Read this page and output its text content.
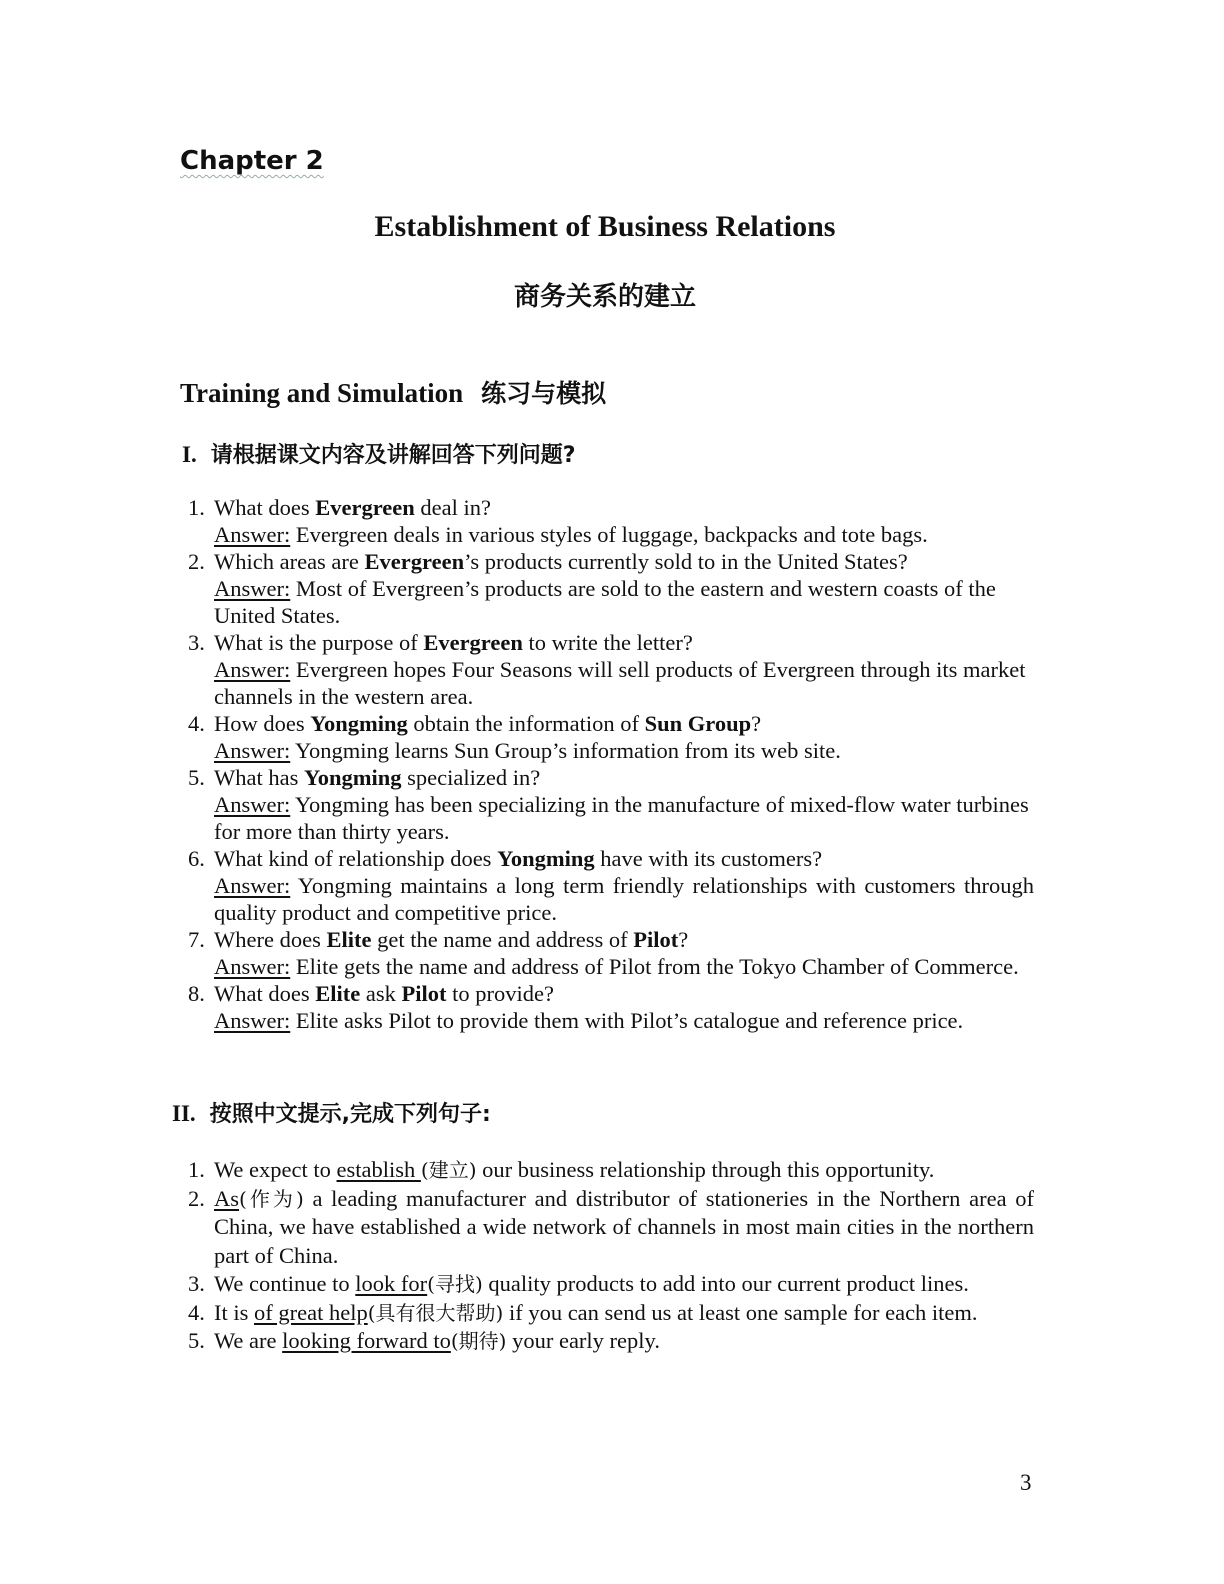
Chapter 2
Establishment of Business Relations
商务关系的建立
Training and Simulation 练习与模拟
I. 请根据课文内容及讲解回答下列问题?
1. What does Evergreen deal in?
Answer: Evergreen deals in various styles of luggage, backpacks and tote bags.
2. Which areas are Evergreen’s products currently sold to in the United States?
Answer: Most of Evergreen’s products are sold to the eastern and western coasts of the United States.
3. What is the purpose of Evergreen to write the letter?
Answer: Evergreen hopes Four Seasons will sell products of Evergreen through its market channels in the western area.
4. How does Yongming obtain the information of Sun Group?
Answer: Yongming learns Sun Group’s information from its web site.
5. What has Yongming specialized in?
Answer: Yongming has been specializing in the manufacture of mixed-flow water turbines for more than thirty years.
6. What kind of relationship does Yongming have with its customers?
Answer: Yongming maintains a long term friendly relationships with customers through quality product and competitive price.
7. Where does Elite get the name and address of Pilot?
Answer: Elite gets the name and address of Pilot from the Tokyo Chamber of Commerce.
8. What does Elite ask Pilot to provide?
Answer: Elite asks Pilot to provide them with Pilot’s catalogue and reference price.
II. 按照中文提示,完成下列句子:
1. We expect to establish (建立) our business relationship through this opportunity.
2. As(作为) a leading manufacturer and distributor of stationeries in the Northern area of China, we have established a wide network of channels in most main cities in the northern part of China.
3. We continue to look for(寻找) quality products to add into our current product lines.
4. It is of great help(具有很大帮助) if you can send us at least one sample for each item.
5. We are looking forward to(期待) your early reply.
3
